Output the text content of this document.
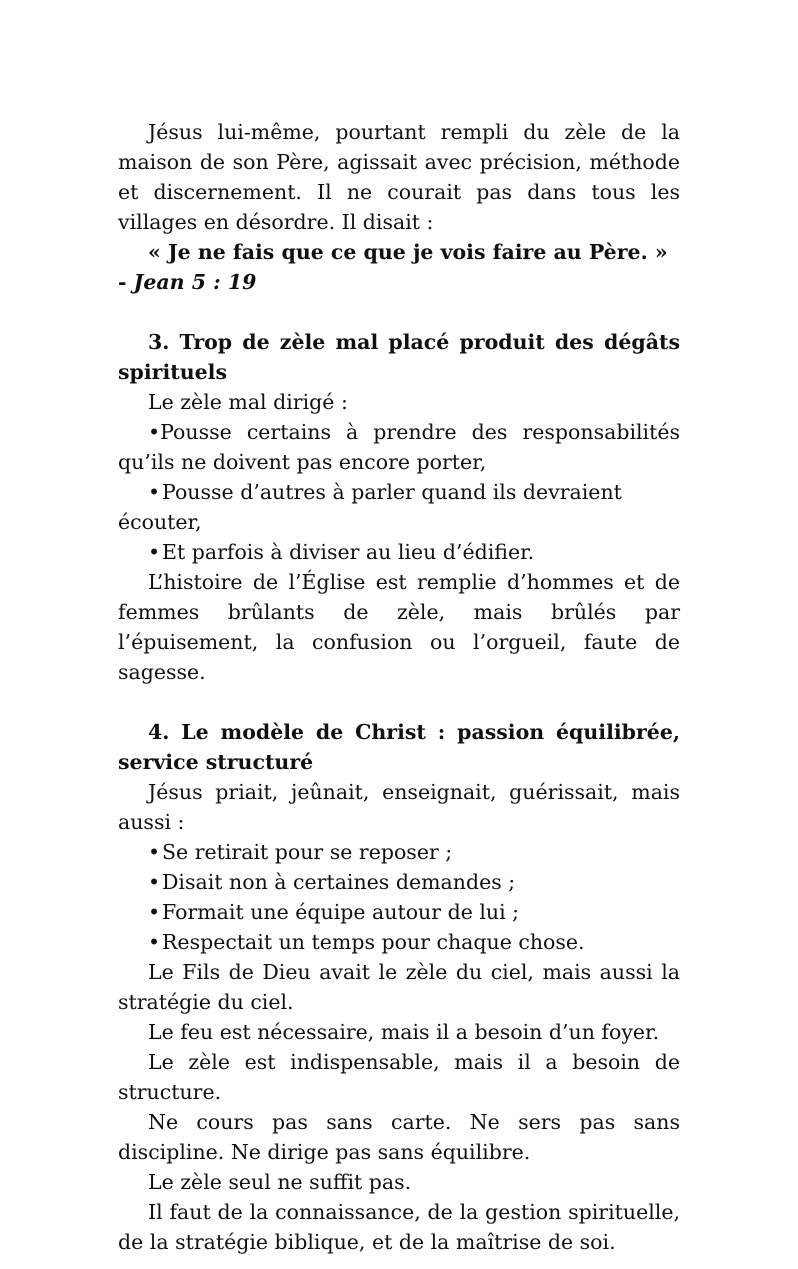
Jésus lui-même, pourtant rempli du zèle de la maison de son Père, agissait avec précision, méthode et discernement. Il ne courait pas dans tous les villages en désordre. Il disait :

« Je ne fais que ce que je vois faire au Père. » - Jean 5 : 19

3. Trop de zèle mal placé produit des dégâts spirituels

Le zèle mal dirigé :

•Pousse certains à prendre des responsabilités qu’ils ne doivent pas encore porter,

•Pousse d’autres à parler quand ils devraient écouter,

•Et parfois à diviser au lieu d’édifier.

L’histoire de l’Église est remplie d’hommes et de femmes brûlants de zèle, mais brûlés par l’épuisement, la confusion ou l’orgueil, faute de sagesse.

4. Le modèle de Christ : passion équilibrée, service structuré

Jésus priait, jeûnait, enseignait, guérissait, mais aussi :

•Se retirait pour se reposer ;

•Disait non à certaines demandes ;

•Formait une équipe autour de lui ;

•Respectait un temps pour chaque chose.

Le Fils de Dieu avait le zèle du ciel, mais aussi la stratégie du ciel.

Le feu est nécessaire, mais il a besoin d’un foyer.

Le zèle est indispensable, mais il a besoin de structure.

Ne cours pas sans carte. Ne sers pas sans discipline. Ne dirige pas sans équilibre.

Le zèle seul ne suffit pas.

Il faut de la connaissance, de la gestion spirituelle, de la stratégie biblique, et de la maîtrise de soi.
